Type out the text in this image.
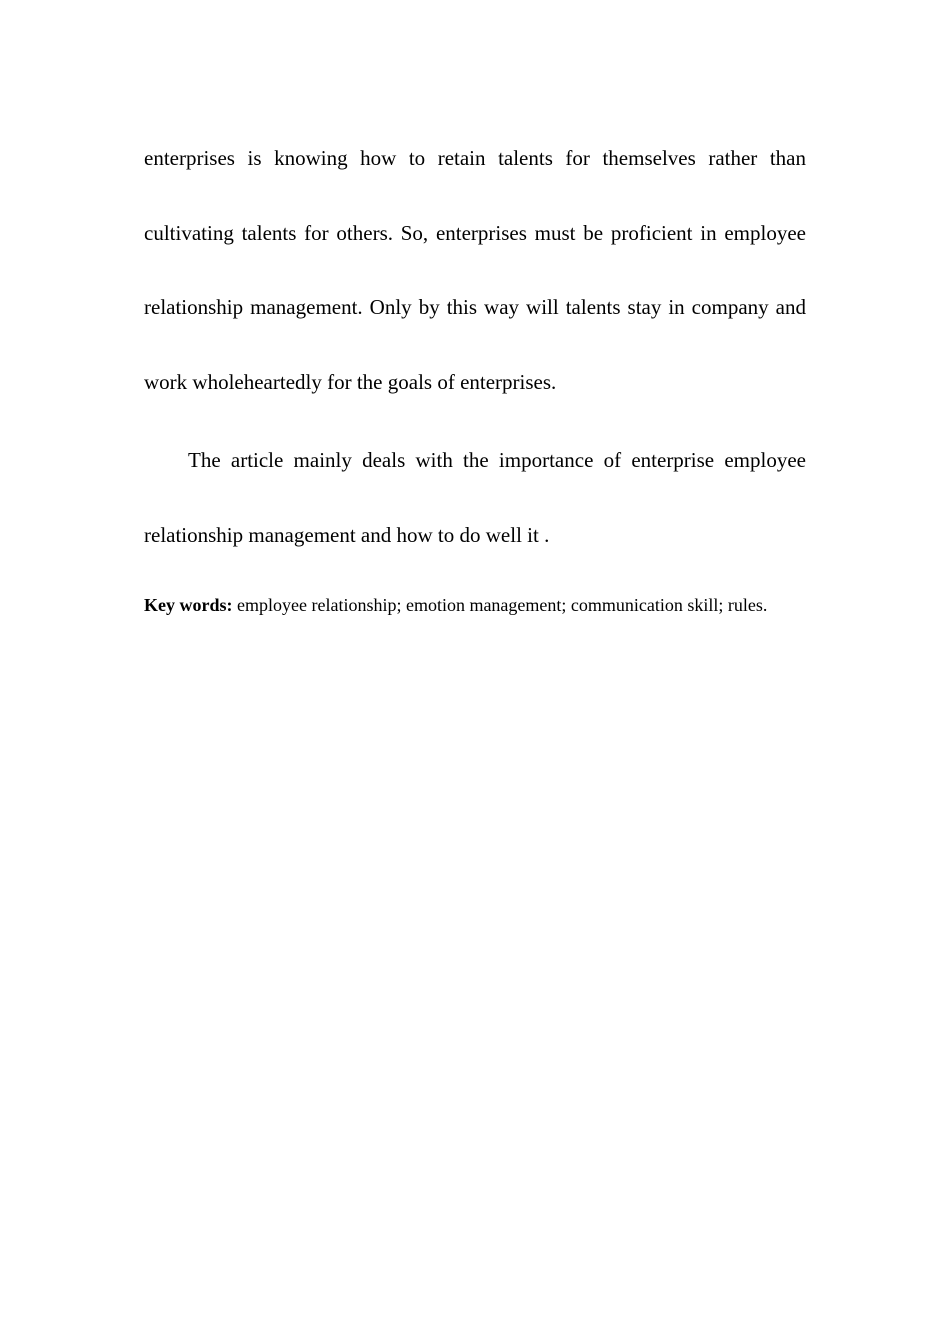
enterprises is knowing how to retain talents for themselves rather than cultivating talents for others. So, enterprises must be proficient in employee relationship management. Only by this way will talents stay in company and work wholeheartedly for the goals of enterprises.

The article mainly deals with the importance of enterprise employee relationship management and how to do well it .

Key words: employee relationship; emotion management; communication skill; rules.
